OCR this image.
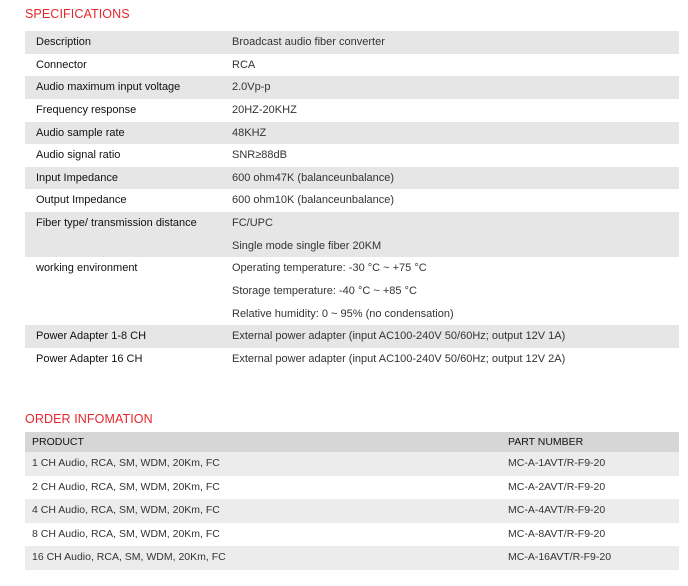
SPECIFICATIONS
Description	Broadcast audio fiber converter
Connector	RCA
Audio maximum input voltage	2.0Vp-p
Frequency response	20HZ-20KHZ
Audio sample rate	48KHZ
Audio signal ratio	SNR≥88dB
Input Impedance	600 ohm47K (balanceunbalance)
Output Impedance	600 ohm10K (balanceunbalance)
Fiber type/ transmission distance	FC/UPC
Single mode single fiber 20KM
working environment	Operating temperature: -30 °C ~ +75 °C
Storage temperature: -40 °C ~ +85 °C
Relative humidity: 0 ~ 95% (no condensation)
Power Adapter 1-8 CH	External power adapter (input AC100-240V 50/60Hz; output 12V 1A)
Power Adapter 16 CH	External power adapter (input AC100-240V 50/60Hz; output 12V 2A)
ORDER INFOMATION
PRODUCT	PART NUMBER
1 CH Audio, RCA, SM, WDM, 20Km, FC	MC-A-1AVT/R-F9-20
2 CH Audio, RCA, SM, WDM, 20Km, FC	MC-A-2AVT/R-F9-20
4 CH Audio, RCA, SM, WDM, 20Km, FC	MC-A-4AVT/R-F9-20
8 CH Audio, RCA, SM, WDM, 20Km, FC	MC-A-8AVT/R-F9-20
16 CH Audio, RCA, SM, WDM, 20Km, FC	MC-A-16AVT/R-F9-20
